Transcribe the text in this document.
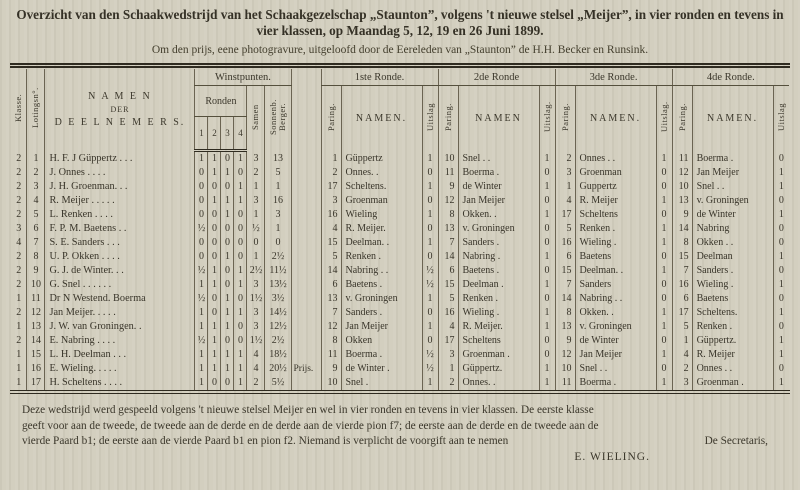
Overzicht van den Schaakwedstrijd van het Schaakgezelschap „Staunton”, volgens 't nieuwe stelsel „Meijer”, in vier ronden en tevens in vier klassen, op Maandag 5, 12, 19 en 26 Juni 1899.
Om den prijs, eene photogravure, uitgeloofd door de Eereleden van „Staunton” de H.H. Becker en Runsink.
Klasse.	Lotingsn°.	N A M E N
DER
D E E L N E M E R S.	Winstpunten.							1ste Ronde.			2de Ronde			3de Ronde.			4de Ronde.		
			Ronden				Samen	Sonnenb. Berger.		Paring.	NAMEN.	Uitslag	Paring.	NAMEN	Uitslag.	Paring.	NAMEN.	Uitslag.	Paring.	NAMEN.	Uitslag
			1	2	3	4															
2	1	H. F. J Güppertz . . .	1	1	0	1	3	13		1	Güppertz	1	10	Snel . .	1	2	Onnes . .	1	11	Boerma .	0
2	2	J. Onnes . . . .	0	1	1	0	2	5		2	Onnes. .	0	11	Boerma .	0	3	Groenman	0	12	Jan Meijer	1
2	3	J. H. Groenman. . .	0	0	0	1	1	1		17	Scheltens.	1	9	de Winter	1	1	Guppertz	0	10	Snel . .	1
2	4	R. Meijer . . . . .	0	1	1	1	3	16		3	Groenman	0	12	Jan Meijer	0	4	R. Meijer	1	13	v. Groningen	0
2	5	L. Renken . . . .	0	0	1	0	1	3		16	Wieling	1	8	Okken. .	1	17	Scheltens	0	9	de Winter	1
3	6	F. P. M. Baetens . .	½	0	0	0	½	1		4	R. Meijer.	0	13	v. Groningen	0	5	Renken .	1	14	Nabring	0
4	7	S. E. Sanders . . .	0	0	0	0	0	0		15	Deelman. .	1	7	Sanders .	0	16	Wieling .	1	8	Okken . .	0
2	8	U. P. Okken . . . .	0	0	1	0	1	2½		5	Renken .	0	14	Nabring .	1	6	Baetens	0	15	Deelman	1
2	9	G. J. de Winter. . .	½	1	0	1	2½	11½		14	Nabring . .	½	6	Baetens .	0	15	Deelman. .	1	7	Sanders .	0
2	10	G. Snel . . . . . .	1	1	0	1	3	13½		6	Baetens .	½	15	Deelman .	1	7	Sanders	0	16	Wieling .	1
1	11	Dr N Westend. Boerma	½	0	1	0	1½	3½		13	v. Groningen	1	5	Renken .	0	14	Nabring . .	0	6	Baetens	0
2	12	Jan Meijer. . . . .	1	0	1	1	3	14½		7	Sanders .	0	16	Wieling .	1	8	Okken. .	1	17	Scheltens.	1
1	13	J. W. van Groningen. .	1	1	1	0	3	12½		12	Jan Meijer	1	4	R. Meijer.	1	13	v. Groningen	1	5	Renken .	0
2	14	E. Nabring . . . .	½	1	0	0	1½	2½		8	Okken	0	17	Scheltens	0	9	de Winter	0	1	Güppertz.	1
1	15	L. H. Deelman . . .	1	1	1	1	4	18½		11	Boerma .	½	3	Groenman .	0	12	Jan Meijer	1	4	R. Meijer	1
1	16	E. Wieling. . . . .	1	1	1	1	4	20½	Prijs.	9	de Winter .	½	1	Güppertz.	1	10	Snel . .	0	2	Onnes . .	0
1	17	H. Scheltens . . . .	1	0	0	1	2	5½		10	Snel .	1	2	Onnes. .	1	11	Boerma .	1	3	Groenman .	1
Deze wedstrijd werd gespeeld volgens 't nieuwe stelsel Meijer en wel in vier ronden en tevens in vier klassen. De eerste klasse
geeft voor aan de tweede, de tweede aan de derde en de derde aan de vierde pion f7; de eerste aan de derde en de tweede aan de
vierde Paard b1; de eerste aan de vierde Paard b1 en pion f2. Niemand is verplicht de voorgift aan te nemen	De Secretaris,
E. WIELING.
